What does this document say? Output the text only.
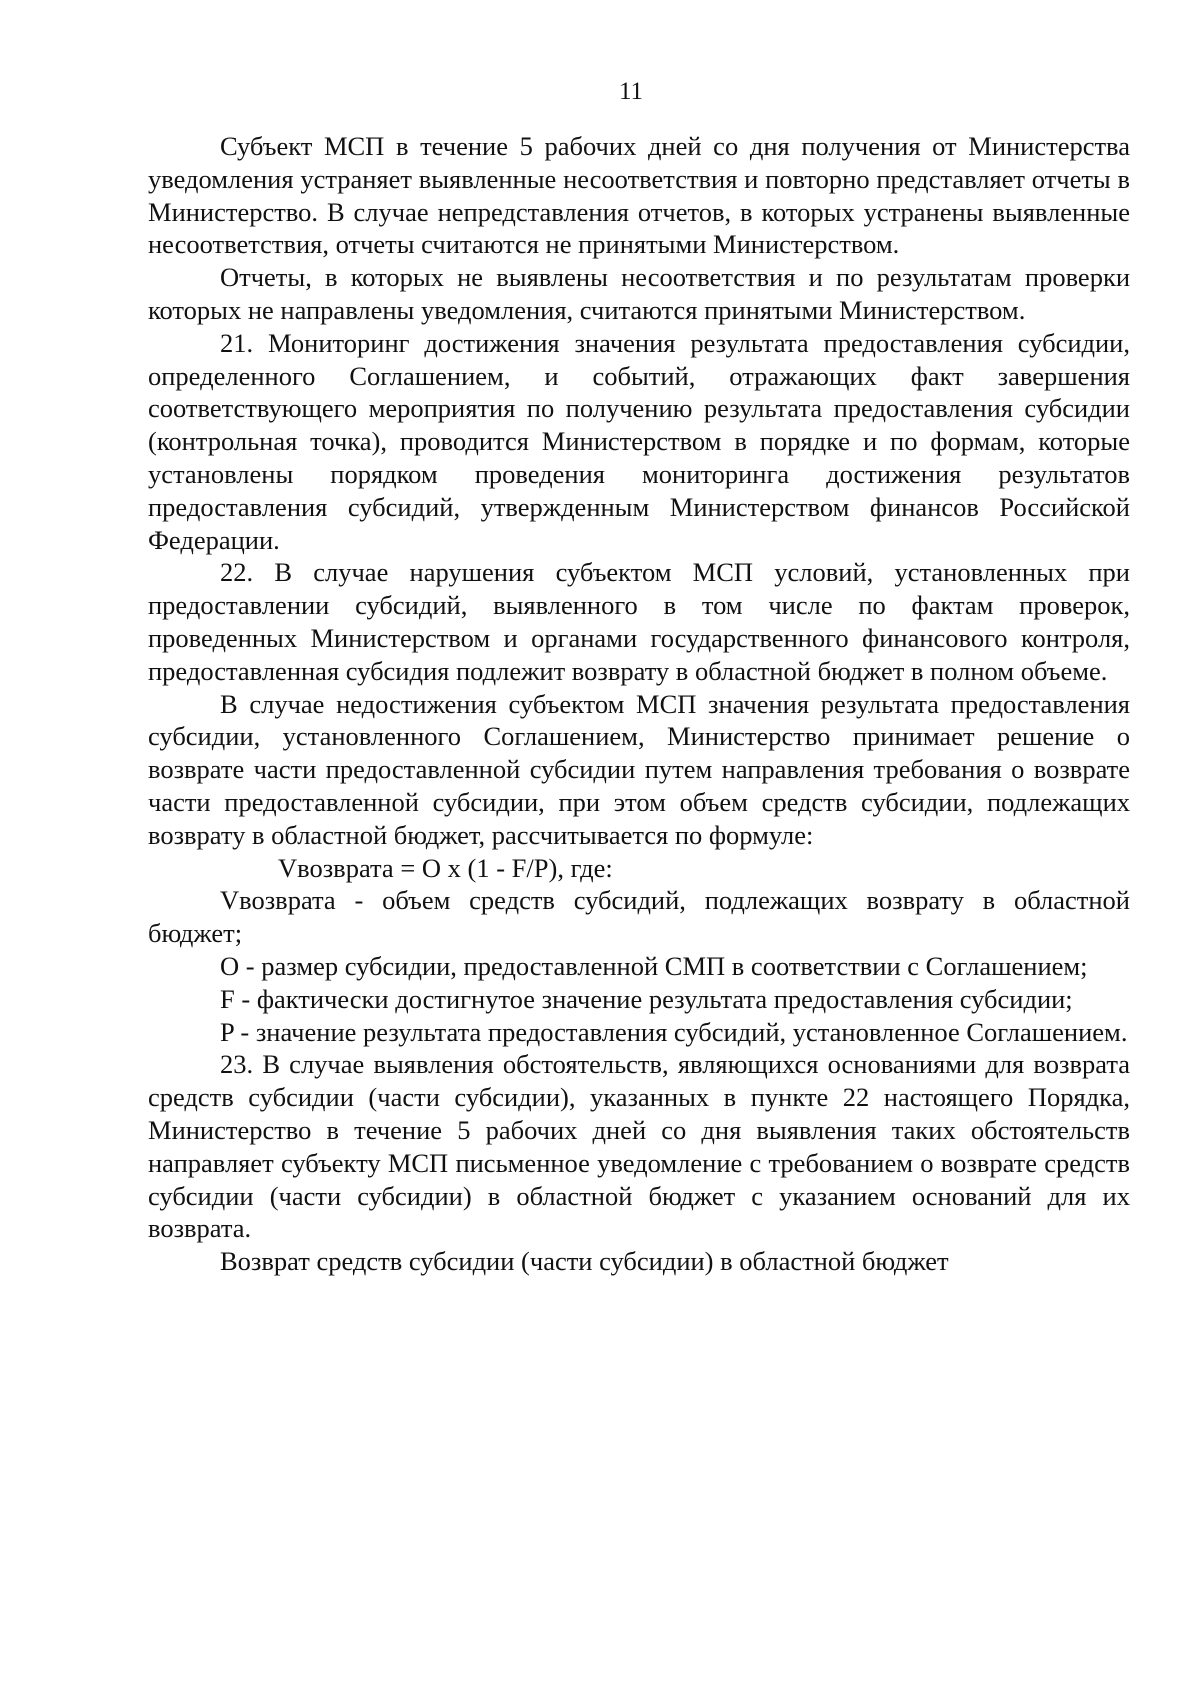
11

Субъект МСП в течение 5 рабочих дней со дня получения от Министерства уведомления устраняет выявленные несоответствия и повторно представляет отчеты в Министерство. В случае непредставления отчетов, в которых устранены выявленные несоответствия, отчеты считаются не принятыми Министерством.

Отчеты, в которых не выявлены несоответствия и по результатам проверки которых не направлены уведомления, считаются принятыми Министерством.

21. Мониторинг достижения значения результата предоставления субсидии, определенного Соглашением, и событий, отражающих факт завершения соответствующего мероприятия по получению результата предоставления субсидии (контрольная точка), проводится Министерством в порядке и по формам, которые установлены порядком проведения мониторинга достижения результатов предоставления субсидий, утвержденным Министерством финансов Российской Федерации.

22. В случае нарушения субъектом МСП условий, установленных при предоставлении субсидий, выявленного в том числе по фактам проверок, проведенных Министерством и органами государственного финансового контроля, предоставленная субсидия подлежит возврату в областной бюджет в полном объеме.

В случае недостижения субъектом МСП значения результата предоставления субсидии, установленного Соглашением, Министерство принимает решение о возврате части предоставленной субсидии путем направления требования о возврате части предоставленной субсидии, при этом объем средств субсидии, подлежащих возврату в областной бюджет, рассчитывается по формуле:

Vвозврата = O x (1 - F/P), где:

Vвозврата - объем средств субсидий, подлежащих возврату в областной бюджет;

O - размер субсидии, предоставленной СМП в соответствии с Соглашением;

F - фактически достигнутое значение результата предоставления субсидии;

P - значение результата предоставления субсидий, установленное Соглашением.

23. В случае выявления обстоятельств, являющихся основаниями для возврата средств субсидии (части субсидии), указанных в пункте 22 настоящего Порядка, Министерство в течение 5 рабочих дней со дня выявления таких обстоятельств направляет субъекту МСП письменное уведомление с требованием о возврате средств субсидии (части субсидии) в областной бюджет с указанием оснований для их возврата.

Возврат средств субсидии (части субсидии) в областной бюджет
